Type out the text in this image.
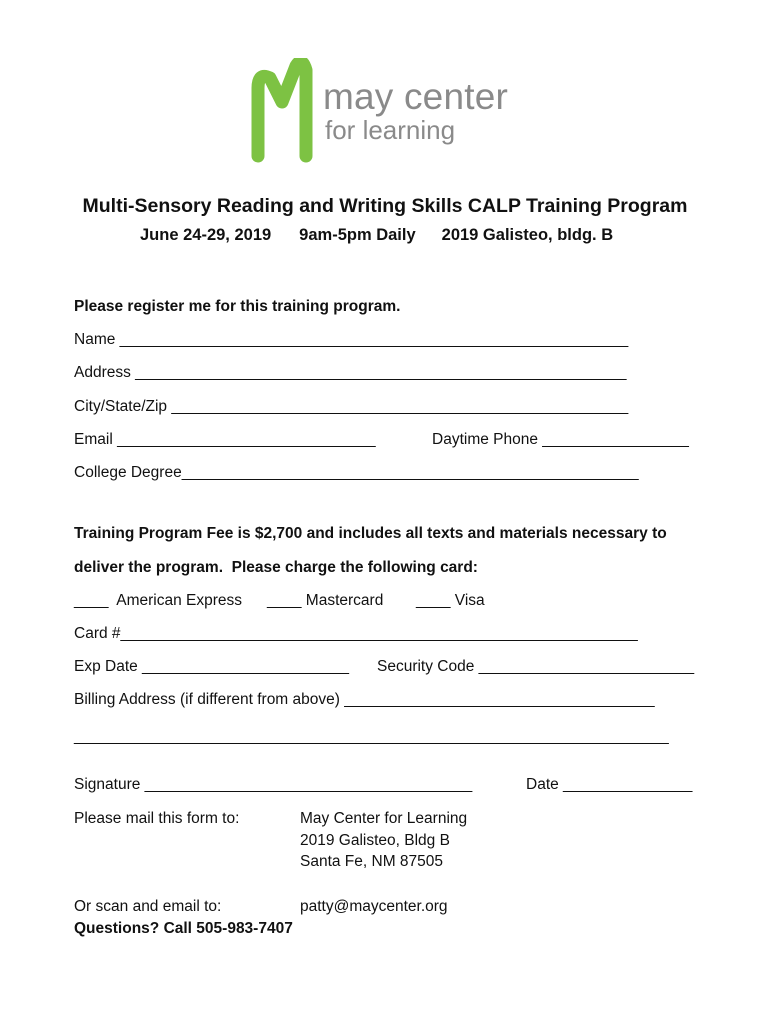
may center
for learning
Multi-Sensory Reading and Writing Skills CALP Training Program
June 24-29, 2019 9am-5pm Daily 2019 Galisteo, bldg. B
Please register me for this training program.
Name ___________________________________________________________
Address _________________________________________________________
City/State/Zip _____________________________________________________
Email ______________________________	Daytime Phone _________________
College Degree_____________________________________________________
Training Program Fee is $2,700 and includes all texts and materials necessary to
deliver the program.  Please charge the following card:
____  American Express ____ Mastercard ____ Visa
Card #____________________________________________________________
Exp Date ________________________ Security Code _________________________
Billing Address (if different from above) ____________________________________
_____________________________________________________________________
Signature ______________________________________	Date _______________
Please mail this form to:	May Center for Learning
2019 Galisteo, Bldg B
Santa Fe, NM 87505
Or scan and email to:	patty@maycenter.org
Questions? Call 505-983-7407
